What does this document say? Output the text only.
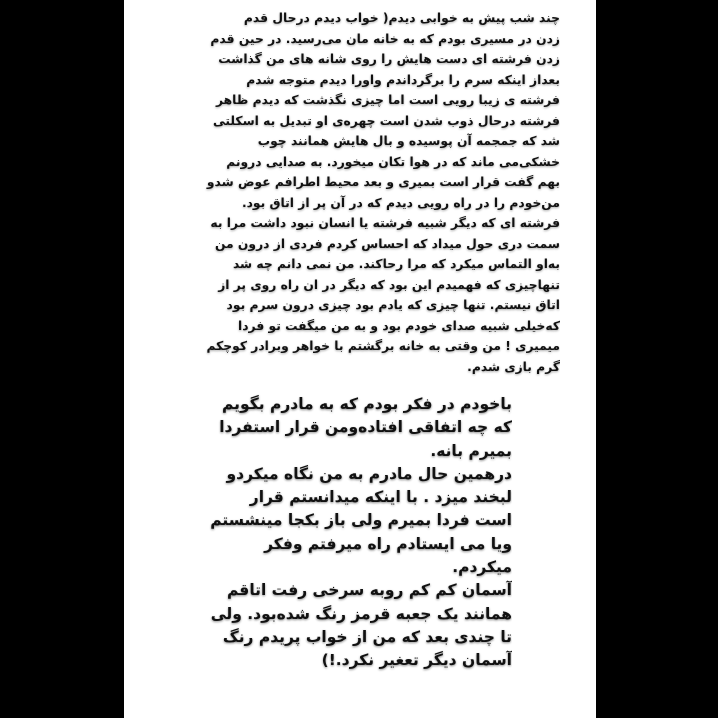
چند شب پیش به خوابی دیدم( خواب دیدم درحال قدم
زدن در مسیری بودم که به خانه مان می‌رسید. در حین قدم
زدن فرشته ای دست هایش را روی شانه های من گذاشت
بعداز اینکه سرم را برگرداندم واورا دیدم متوجه شدم
فرشته ی زیبا رویی است اما چیزی نگذشت که دیدم ظاهر
فرشته درحال ذوب شدن است چهره‌ی او تبدیل به اسکلتی
شد که جمجمه آن پوسیده و بال هایش همانند چوب
خشکی‌می ماند که در هوا تکان میخورد. به صدایی درونم
بهم گفت قرار است بمیری و بعد محیط اطرافم عوض شدو
من‌خودم را در راه رویی دیدم که در آن پر از اتاق بود.
فرشته ای که دیگر شبیه فرشته یا انسان نبود داشت مرا به
سمت دری حول میداد که احساس کردم فردی از درون من
به‌او التماس میکرد که مرا رحاکند. من نمی دانم چه شد
تنهاچیزی که فهمیدم این بود که دیگر در ان راه روی پر از
اتاق نیستم. تنها چیزی که یادم بود چیزی درون سرم بود
که‌خیلی شبیه صدای خودم بود و به من میگفت تو فردا
میمیری ! من وقتی به خانه برگشتم با خواهر وبرادر کوچکم
گرم بازی شدم.
باخودم در فکر بودم که به مادرم بگویم
که چه اتفاقی افتاده‌ومن قرار استفردا
بمیرم بانه.
درهمین حال مادرم به من نگاه میکردو
لبخند میزد . با اینکه میدانستم قرار
است فردا بمیرم ولی باز بکجا مینشستم
ویا می ایستادم راه میرفتم وفکر
میکردم.
آسمان کم کم روبه سرخی رفت اتاقم
همانند یک جعبه قرمز رنگ شده‌بود. ولی
تا چندی بعد که من از خواب پریدم رنگ
آسمان دیگر تعغیر نکرد.!)
